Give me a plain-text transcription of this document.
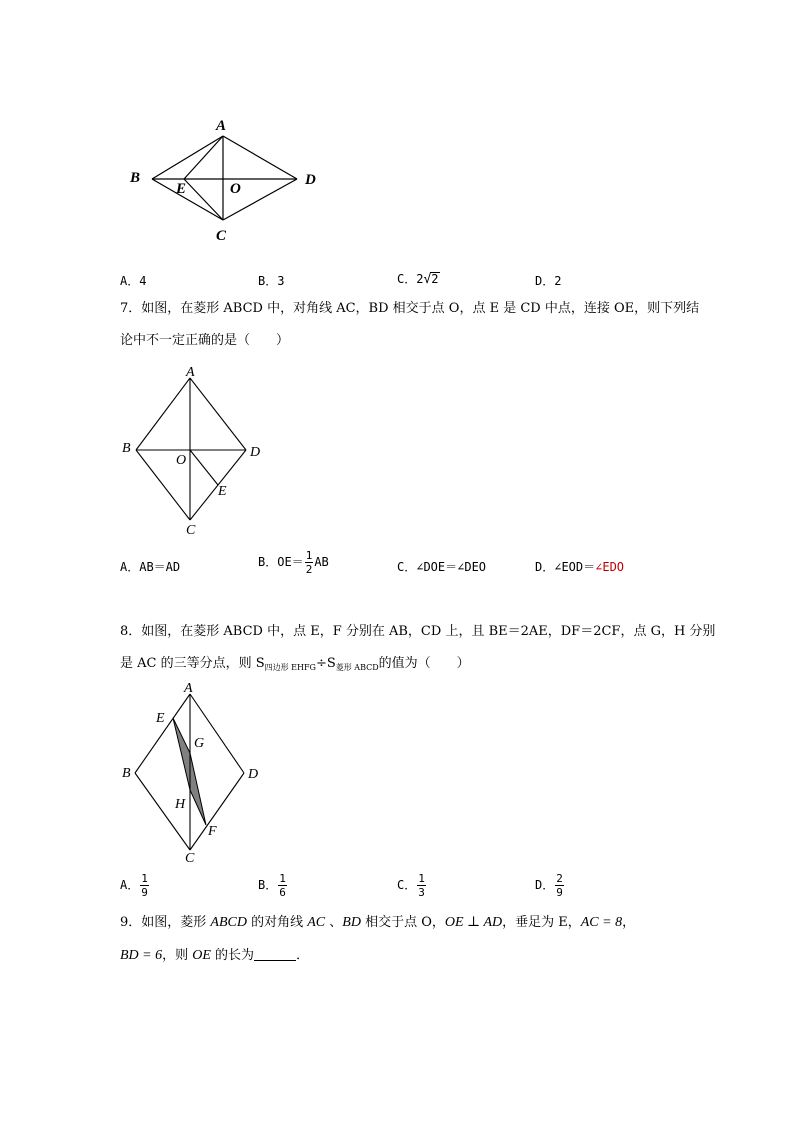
A
B
C
D
E	O
A．4	B．3	C．2√2	D．2
7．如图，在菱形 ABCD 中，对角线 AC，BD 相交于点 O，点 E 是 CD 中点，连接 OE，则下列结
论中不一定正确的是（　　）
A
B
C
D
E
O
A．AB＝AD	B．$OE= \frac{1}{2}$ AB	C．∠DOE＝∠DEO	D．∠EOD＝∠EDO
8．如图，在菱形 ABCD 中，点 E，F 分别在 AB，CD 上，且 BE＝2AE，DF＝2CF，点 G，H 分别
是 AC 的三等分点，则 $S_{四边形 EHFG}\div S_{菱形 ABCD}$的值为（　　）
A
B
C
D
E
F
G
H
A． $\frac{1}{9}$	B． $\frac{1}{6}$	C． $\frac{1}{3}$	D． $\frac{2}{9}$
9．如图，菱形 ABCD 的对角线 AC 、BD 相交于点 O，OE ⊥ AD，垂足为 E，AC = 8，
BD = 6，则 OE 的长为	．
